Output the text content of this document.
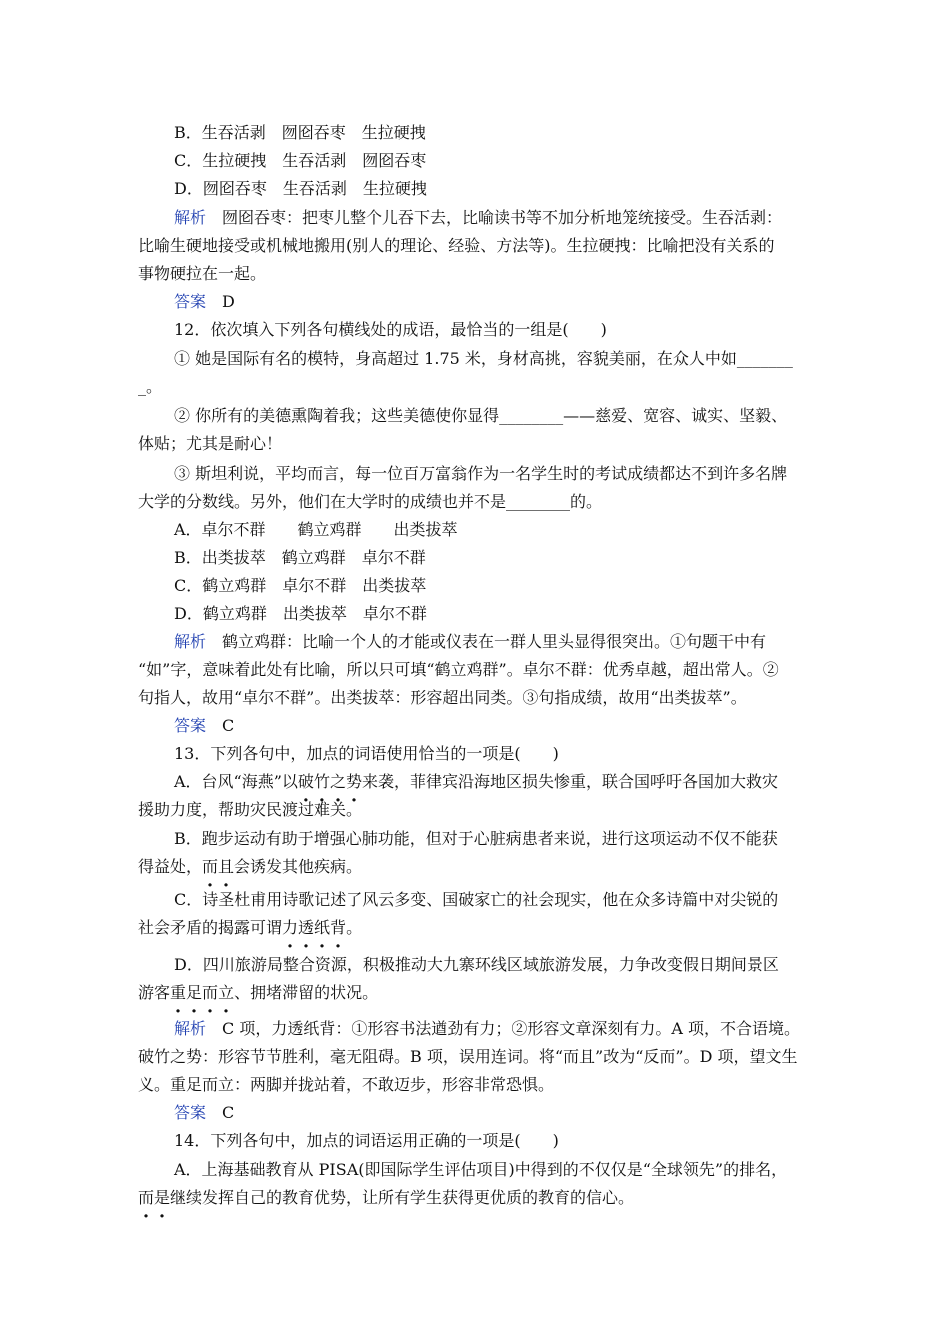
B．生吞活剥　囫囵吞枣　生拉硬拽
C．生拉硬拽　生吞活剥　囫囵吞枣
D．囫囵吞枣　生吞活剥　生拉硬拽
解析　囫囵吞枣：把枣儿整个儿吞下去，比喻读书等不加分析地笼统接受。生吞活剥：
比喻生硬地接受或机械地搬用(别人的理论、经验、方法等)。生拉硬拽：比喻把没有关系的
事物硬拉在一起。
答案　D
12．依次填入下列各句横线处的成语，最恰当的一组是(　　)
① 她是国际有名的模特，身高超过 1.75 米，身材高挑，容貌美丽，在众人中如_______
_。
② 你所有的美德熏陶着我；这些美德使你显得________——慈爱、宽容、诚实、坚毅、
体贴；尤其是耐心！
③ 斯坦利说，平均而言，每一位百万富翁作为一名学生时的考试成绩都达不到许多名牌
大学的分数线。另外，他们在大学时的成绩也并不是________的。
A．卓尔不群　　鹤立鸡群　　出类拔萃
B．出类拔萃　鹤立鸡群　卓尔不群
C．鹤立鸡群　卓尔不群　出类拔萃
D．鹤立鸡群　出类拔萃　卓尔不群
解析　鹤立鸡群：比喻一个人的才能或仪表在一群人里头显得很突出。①句题干中有
“如”字，意味着此处有比喻，所以只可填“鹤立鸡群”。卓尔不群：优秀卓越，超出常人。②
句指人，故用“卓尔不群”。出类拔萃：形容超出同类。③句指成绩，故用“出类拔萃”。
答案　C
13．下列各句中，加点的词语使用恰当的一项是(　　)
A．台风“海燕”以破竹之势来袭，菲律宾沿海地区损失惨重，联合国呼吁各国加大救灾
援助力度，帮助灾民渡过难关。
B．跑步运动有助于增强心肺功能，但对于心脏病患者来说，进行这项运动不仅不能获
得益处，而且会诱发其他疾病。
C．诗圣杜甫用诗歌记述了风云多变、国破家亡的社会现实，他在众多诗篇中对尖锐的
社会矛盾的揭露可谓力透纸背。
D．四川旅游局整合资源，积极推动大九寨环线区域旅游发展，力争改变假日期间景区
游客重足而立、拥堵滞留的状况。
解析　C 项，力透纸背：①形容书法遒劲有力；②形容文章深刻有力。A 项，不合语境。
破竹之势：形容节节胜利，毫无阻碍。B 项，误用连词。将“而且”改为“反而”。D 项，望文生
义。重足而立：两脚并拢站着，不敢迈步，形容非常恐惧。
答案　C
14．下列各句中，加点的词语运用正确的一项是(　　)
A．上海基础教育从 PISA(即国际学生评估项目)中得到的不仅仅是“全球领先”的排名，
而是继续发挥自己的教育优势，让所有学生获得更优质的教育的信心。
